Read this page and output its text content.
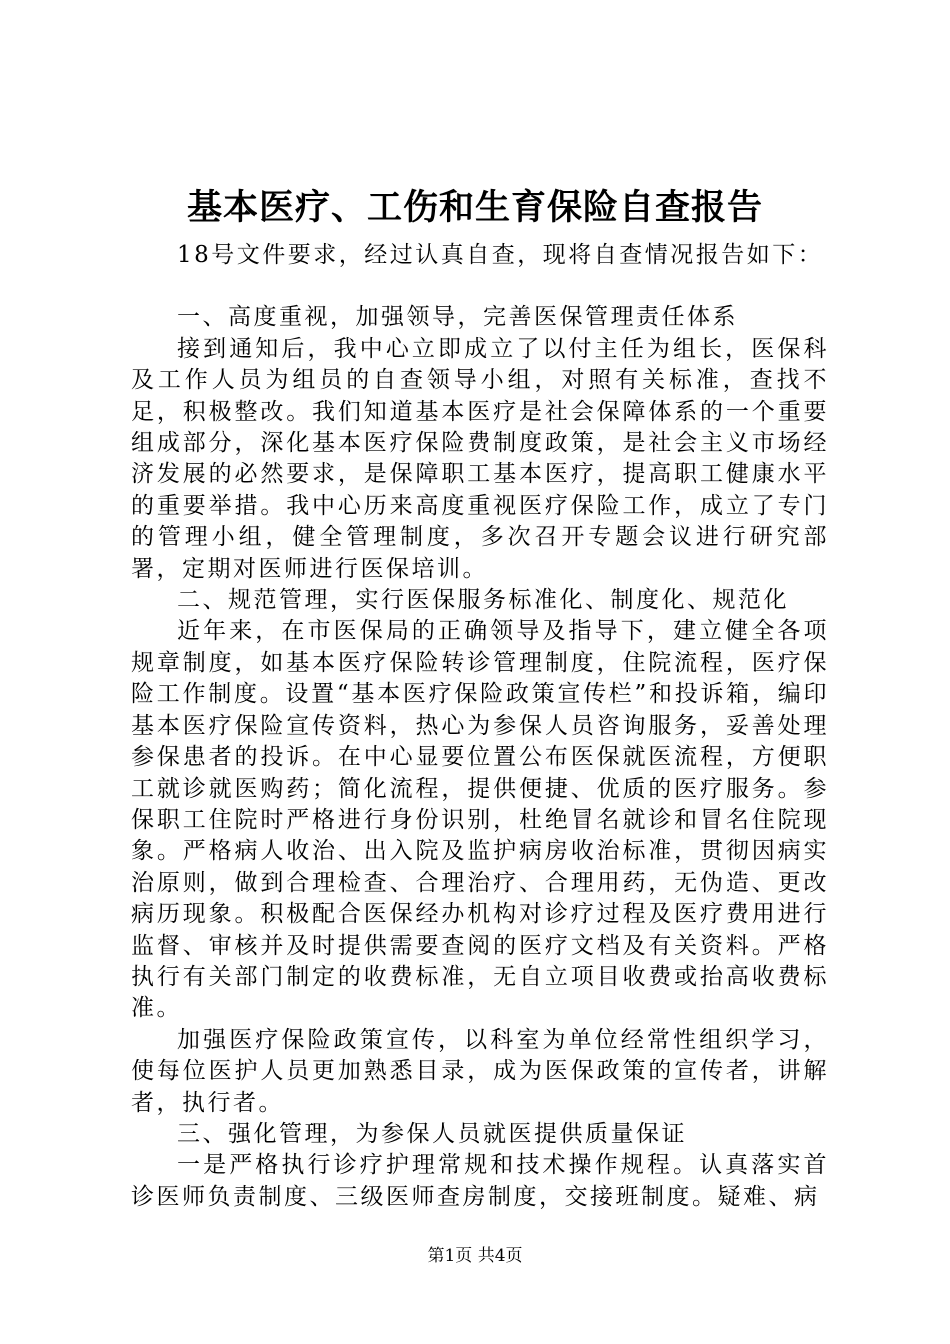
基本医疗、工伤和生育保险自查报告

18号文件要求，经过认真自查，现将自查情况报告如下：

一、高度重视，加强领导，完善医保管理责任体系

接到通知后，我中心立即成立了以付主任为组长，医保科及工作人员为组员的自查领导小组，对照有关标准，查找不足，积极整改。我们知道基本医疗是社会保障体系的一个重要组成部分，深化基本医疗保险费制度政策，是社会主义市场经济发展的必然要求，是保障职工基本医疗，提高职工健康水平的重要举措。我中心历来高度重视医疗保险工作，成立了专门的管理小组，健全管理制度，多次召开专题会议进行研究部署，定期对医师进行医保培训。

二、规范管理，实行医保服务标准化、制度化、规范化

近年来，在市医保局的正确领导及指导下，建立健全各项规章制度，如基本医疗保险转诊管理制度，住院流程，医疗保险工作制度。设置“基本医疗保险政策宣传栏”和投诉箱，编印基本医疗保险宣传资料，热心为参保人员咨询服务，妥善处理参保患者的投诉。在中心显要位置公布医保就医流程，方便职工就诊就医购药；简化流程，提供便捷、优质的医疗服务。参保职工住院时严格进行身份识别，杜绝冒名就诊和冒名住院现象。严格病人收治、出入院及监护病房收治标准，贯彻因病实治原则，做到合理检查、合理治疗、合理用药，无伪造、更改病历现象。积极配合医保经办机构对诊疗过程及医疗费用进行监督、审核并及时提供需要查阅的医疗文档及有关资料。严格执行有关部门制定的收费标准，无自立项目收费或抬高收费标准。

加强医疗保险政策宣传，以科室为单位经常性组织学习，使每位医护人员更加熟悉目录，成为医保政策的宣传者，讲解者，执行者。

三、强化管理，为参保人员就医提供质量保证

一是严格执行诊疗护理常规和技术操作规程。认真落实首诊医师负责制度、三级医师查房制度，交接班制度。疑难、病

第1页 共4页
